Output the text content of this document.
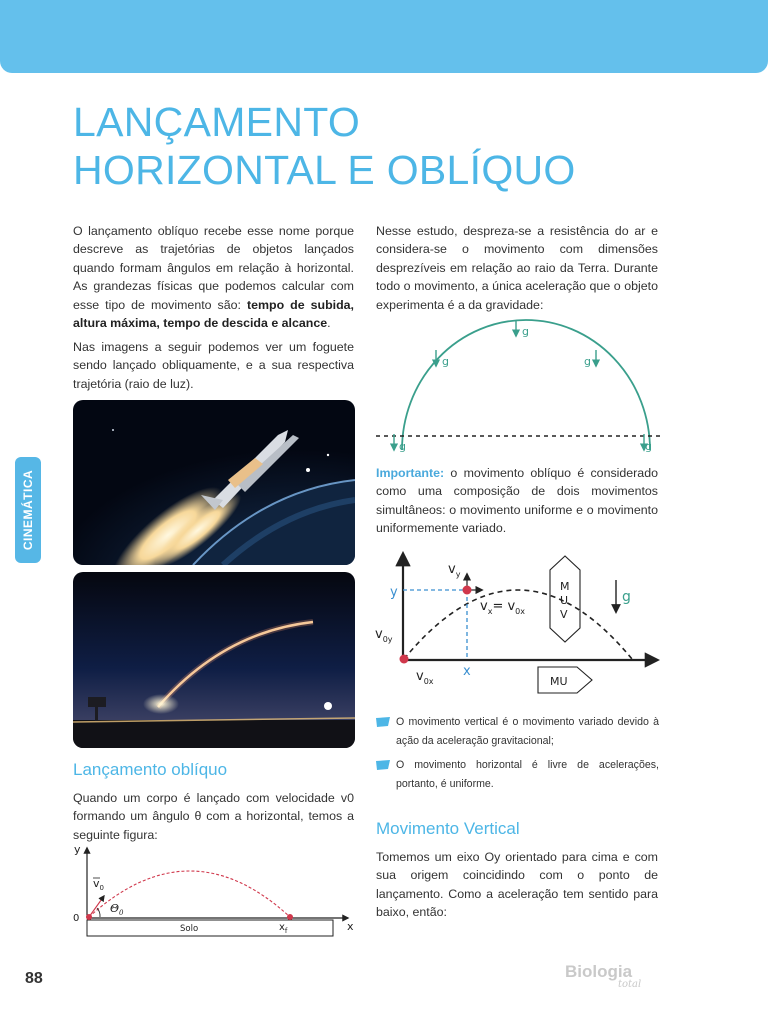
LANÇAMENTO
HORIZONTAL E OBLÍQUO
CINEMÁTICA

O lançamento oblíquo recebe esse nome porque descreve as trajetórias de objetos lançados quando formam ângulos em relação à horizontal. As grandezas físicas que podemos calcular com esse tipo de movimento são: tempo de subida, altura máxima, tempo de descida e alcance.

Nas imagens a seguir podemos ver um foguete sendo lançado obliquamente, e a sua respectiva trajetória (raio de luz).

Lançamento oblíquo

Quando um corpo é lançado com velocidade v0 formando um ângulo θ com a horizontal, temos a seguinte figura:

y
x
0
$v_0$
$\Theta_0$
Solo	$x_f$

Nesse estudo, despreza-se a resistência do ar e considera-se o movimento com dimensões desprezíveis em relação ao raio da Terra. Durante todo o movimento, a única aceleração que o objeto experimenta é a da gravidade:

g
g	g
g	g

Importante: o movimento oblíquo é considerado como uma composição de dois movimentos simultâneos: o movimento uniforme e o movimento uniformemente variado.

$v_y$
y
$v_{0y}$
$v_x= v_{0x}$
x
$v_{0x}$
M
U
V
g
MU
O movimento vertical é o movimento variado devido à ação da aceleração gravitacional;
O movimento horizontal é livre de acelerações, portanto, é uniforme.
Movimento Vertical

Tomemos um eixo Oy orientado para cima e com sua origem coincidindo com o ponto de lançamento. Como a aceleração tem sentido para baixo, então:

88	Biologia
total
